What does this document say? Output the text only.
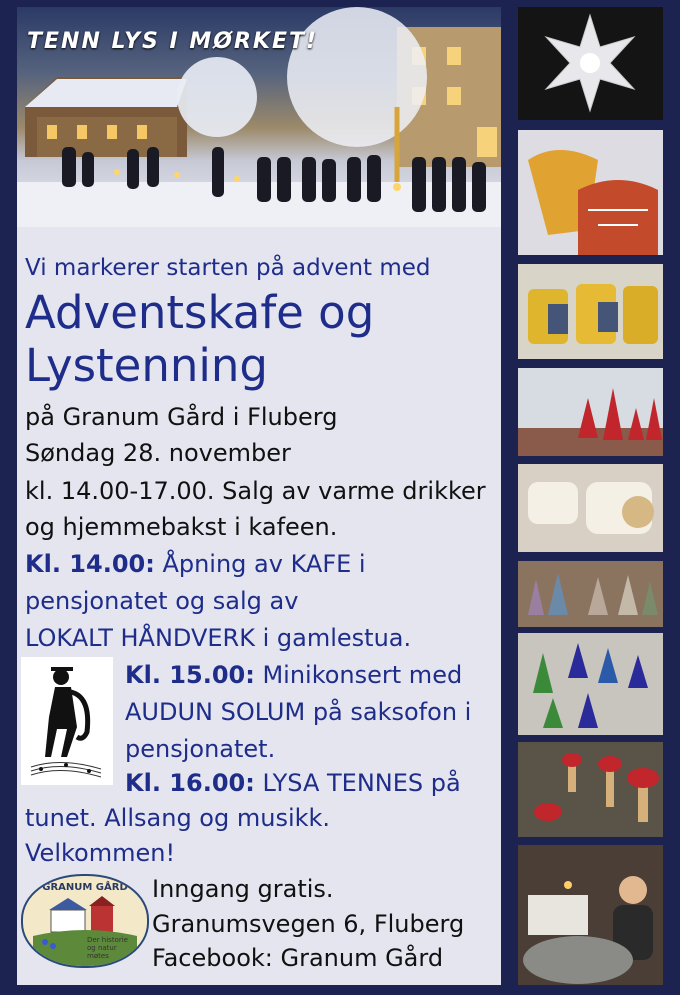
TENN LYS I MØRKET!
Vi markerer starten på advent med
Adventskafe og
Lystenning
på Granum Gård i Fluberg
Søndag 28. november
kl. 14.00-17.00. Salg av varme drikker
og hjemmebakst i kafeen.
Kl. 14.00: Åpning av KAFE i
pensjonatet og salg av
LOKALT HÅNDVERK i gamlestua.
Kl. 15.00: Minikonsert med
AUDUN SOLUM på saksofon i
pensjonatet.
Kl. 16.00: LYSA TENNES på
tunet. Allsang og musikk.
Velkommen!
GRANUM GÅRD
Der historie og natur møtes
Inngang gratis.
Granumsvegen 6, Fluberg
Facebook: Granum Gård
